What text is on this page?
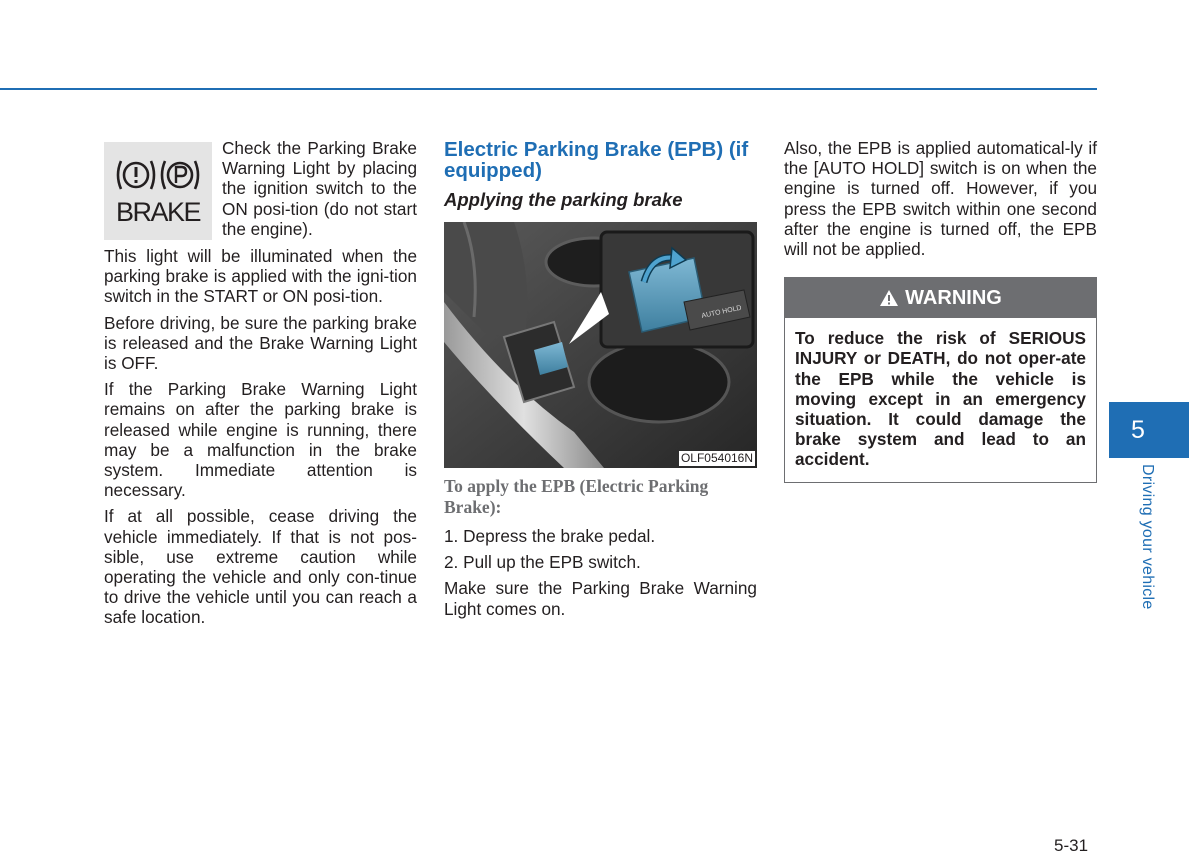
BRAKE

Check the Parking Brake Warning Light by placing the ignition switch to the ON posi-tion (do not start the engine).

This light will be illuminated when the parking brake is applied with the igni-tion switch in the START or ON posi-tion.

Before driving, be sure the parking brake is released and the Brake Warning Light is OFF.

If the Parking Brake Warning Light remains on after the parking brake is released while engine is running, there may be a malfunction in the brake system. Immediate attention is necessary.

If at all possible, cease driving the vehicle immediately. If that is not pos-sible, use extreme caution while operating the vehicle and only con-tinue to drive the vehicle until you can reach a safe location.

Electric Parking Brake (EPB) (if equipped)
Applying the parking brake
AUTO HOLD
OLF054016N
To apply the EPB (Electric Parking Brake):

1. Depress the brake pedal.

2. Pull up the EPB switch.

Make sure the Parking Brake Warning Light comes on.

Also, the EPB is applied automatical-ly if the [AUTO HOLD] switch is on when the engine is turned off. However, if you press the EPB switch within one second after the engine is turned off, the EPB will not be applied.

WARNING
To reduce the risk of SERIOUS INJURY or DEATH, do not oper-ate the EPB while the vehicle is moving except in an emergency situation. It could damage the brake system and lead to an accident.
5
Driving your vehicle
5-31
